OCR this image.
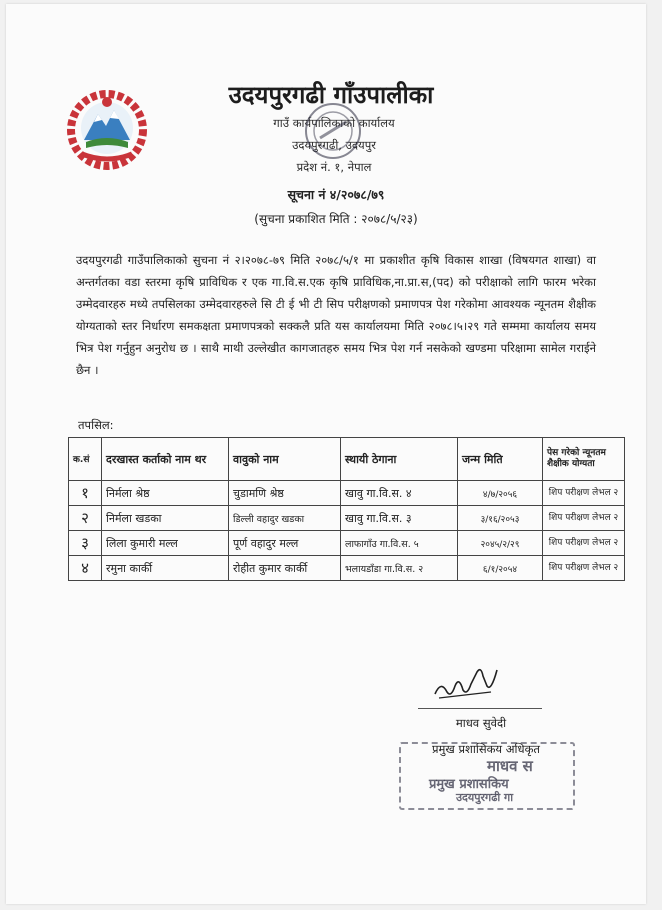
उदयपुरगढी गाँउपालीका
गाउँ कार्यपालिकाको कार्यालय
उदयपुरगढी, उदयपुर
प्रदेश नं. १, नेपाल
सूचना नं ४/२०७८/७९
(सुचना प्रकाशित मिति : २०७८/५/२३)

उदयपुरगढी गाउँपालिकाको सुचना नं २।२०७८-७९ मिति २०७८/५/१ मा प्रकाशीत कृषि विकास शाखा (विषयगत शाखा) वा अन्तर्गतका वडा स्तरमा कृषि प्राविधिक र एक गा.वि.स.एक कृषि प्राविधिक,ना.प्रा.स,(पद) को परीक्षाको लागि फारम भरेका उम्मेदवारहरु मध्ये तपसिलका उम्मेदवारहरुले सि टी ई भी टी सिप परीक्षणको प्रमाणपत्र पेश गरेकोमा आवश्यक न्यूनतम शैक्षीक योग्यताको स्तर निर्धारण समकक्षता प्रमाणपत्रको सक्कलै प्रति यस कार्यालयमा मिति २०७८।५।२९ गते सम्ममा कार्यालय समय भित्र पेश गर्नुहुन अनुरोध छ । साथै माथी उल्लेखीत कागजातहरु समय भित्र पेश गर्न नसकेको खण्डमा परिक्षामा सामेल गराईने छैन ।

तपसिल:
क.सं	दरखास्त कर्ताको नाम थर	वावुको नाम	स्थायी ठेगाना	जन्म मिति	पेस गरेको न्यूनतम शैक्षीक योग्यता

१	निर्मला श्रेष्ठ	चुडामणि श्रेष्ठ	खावु गा.वि.स. ४	४/७/२०५६	शिप परीक्षण लेभल २
२	निर्मला खडका	डिल्ली वहादुर खडका	खावु गा.वि.स. ३	३/१६/२०५३	शिप परीक्षण लेभल २
३	लिला कुमारी मल्ल	पूर्ण वहादुर मल्ल	लाफागाँउ गा.वि.स. ५	२०४५/२/२९	शिप परीक्षण लेभल २
४	रमुना कार्की	रोहीत कुमार कार्की	भलायडाँडा गा.वि.स. २	६/१/२०५४	शिप परीक्षण लेभल २
माधव सुवेदी
प्रमुख प्रशासिकय अधिकृत
माधव स
प्रमुख प्रशासकिय
उदयपुरगढी गा
